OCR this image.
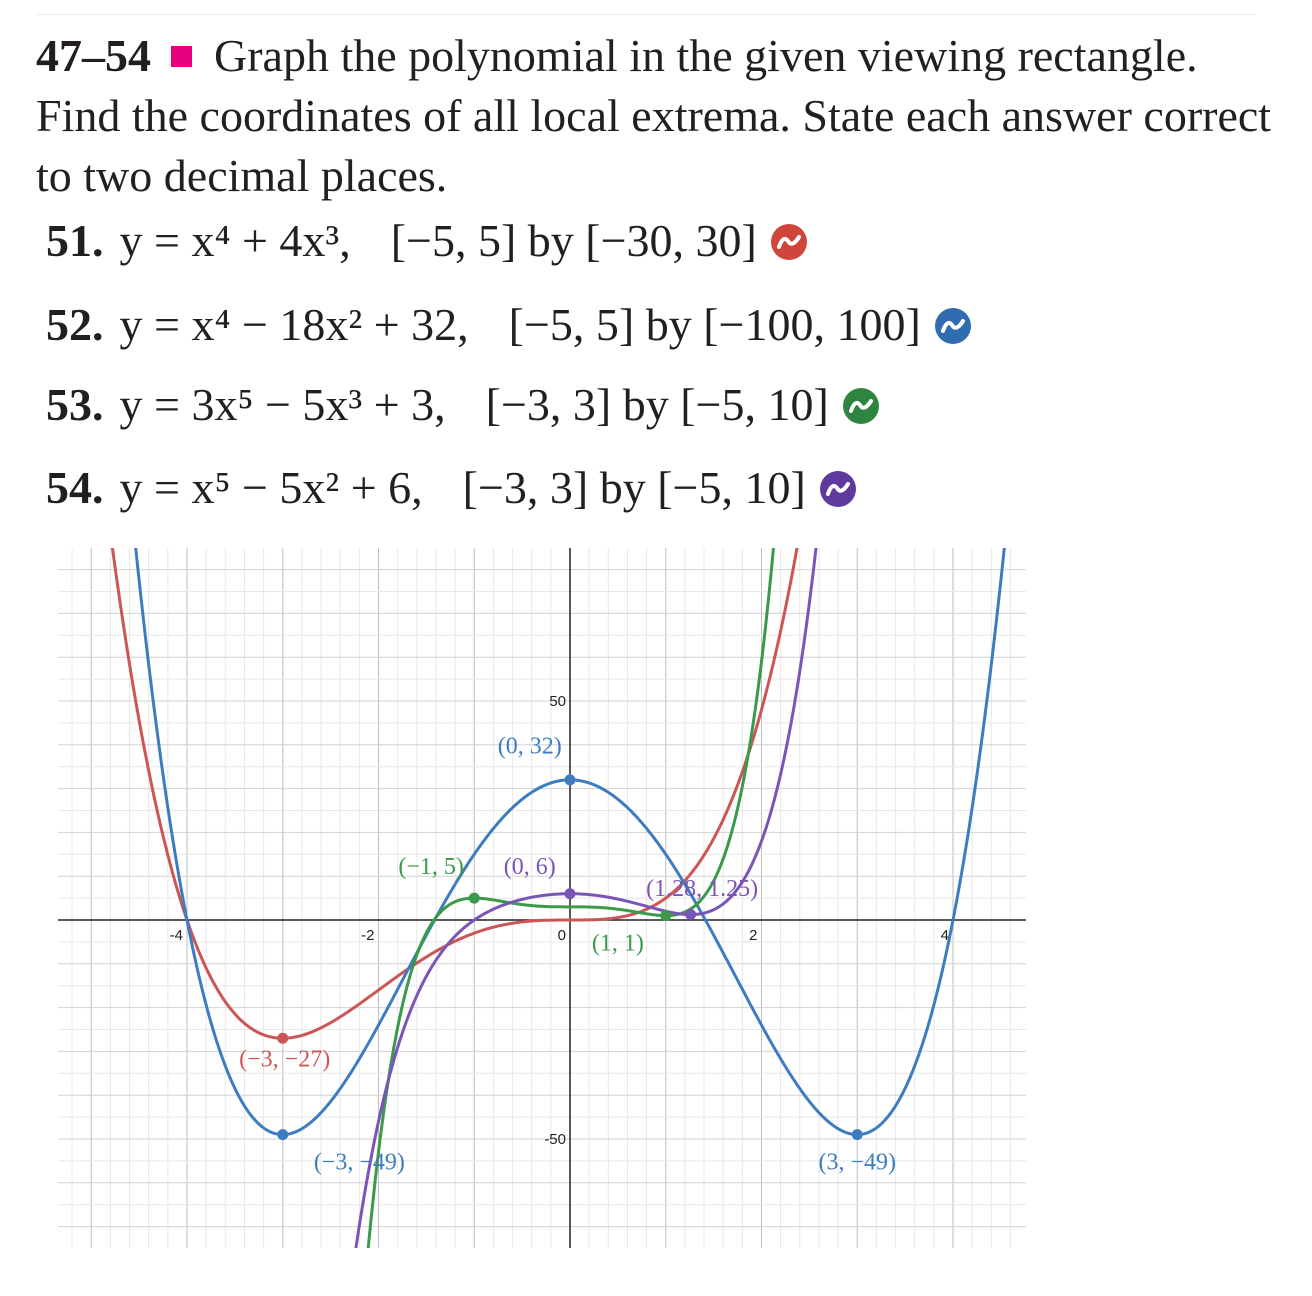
47–54 Graph the polynomial in the given viewing rectangle. Find the coordinates of all local extrema. State each answer correct to two decimal places.
51. y = x⁴ + 4x³, [−5, 5] by [−30, 30]
52. y = x⁴ − 18x² + 32, [−5, 5] by [−100, 100]
53. y = 3x⁵ − 5x³ + 3, [−3, 3] by [−5, 10]
54. y = x⁵ − 5x² + 6, [−3, 3] by [−5, 10]
-4	-2	0	2	4
50
-50
(−3, −27)
(0, 32)
(−3, −49)	(3, −49)
(−1, 5)
(1, 1)
(0, 6)
(1.28, 1.25)
